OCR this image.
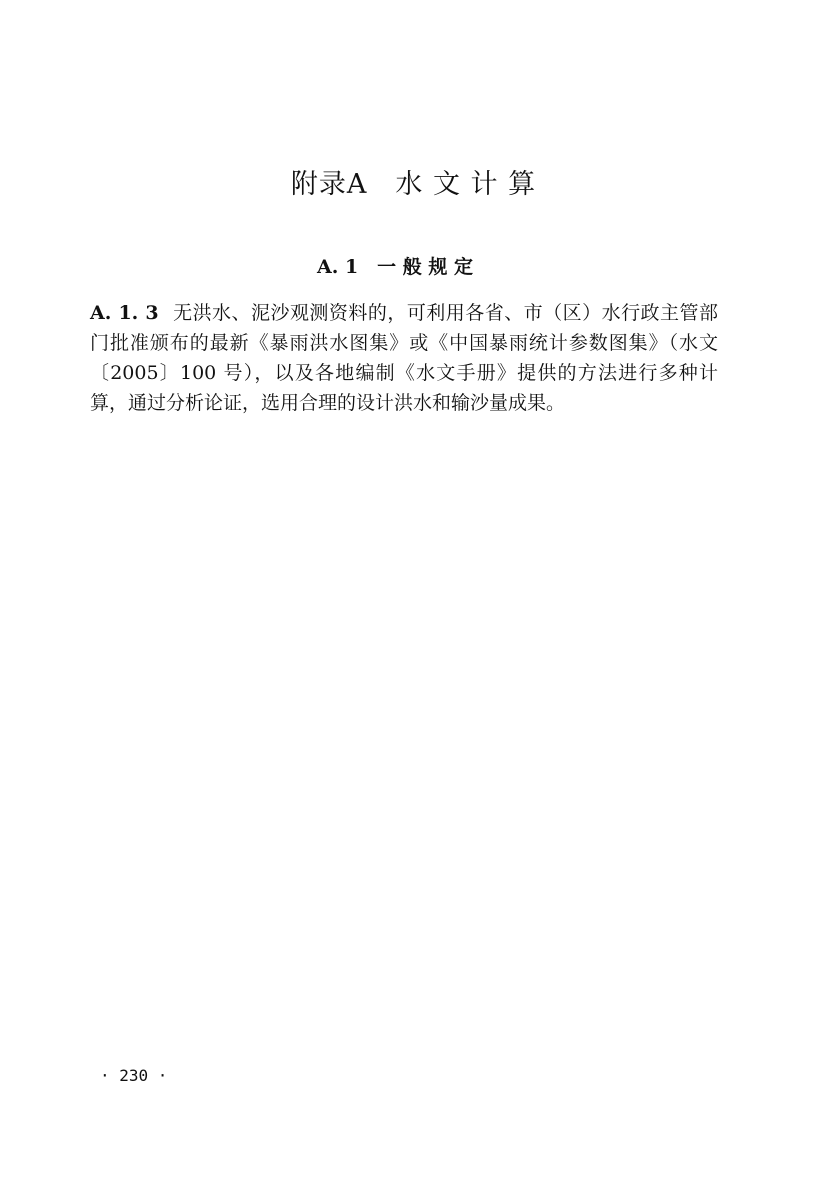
附录A　水 文 计 算
A. 1　一 般 规 定
A. 1. 3 无洪水、泥沙观测资料的，可利用各省、市（区）水行政主管部门批准颁布的最新《暴雨洪水图集》或《中国暴雨统计参数图集》（水文〔2005〕100 号），以及各地编制《水文手册》提供的方法进行多种计算，通过分析论证，选用合理的设计洪水和输沙量成果。
· 230 ·
